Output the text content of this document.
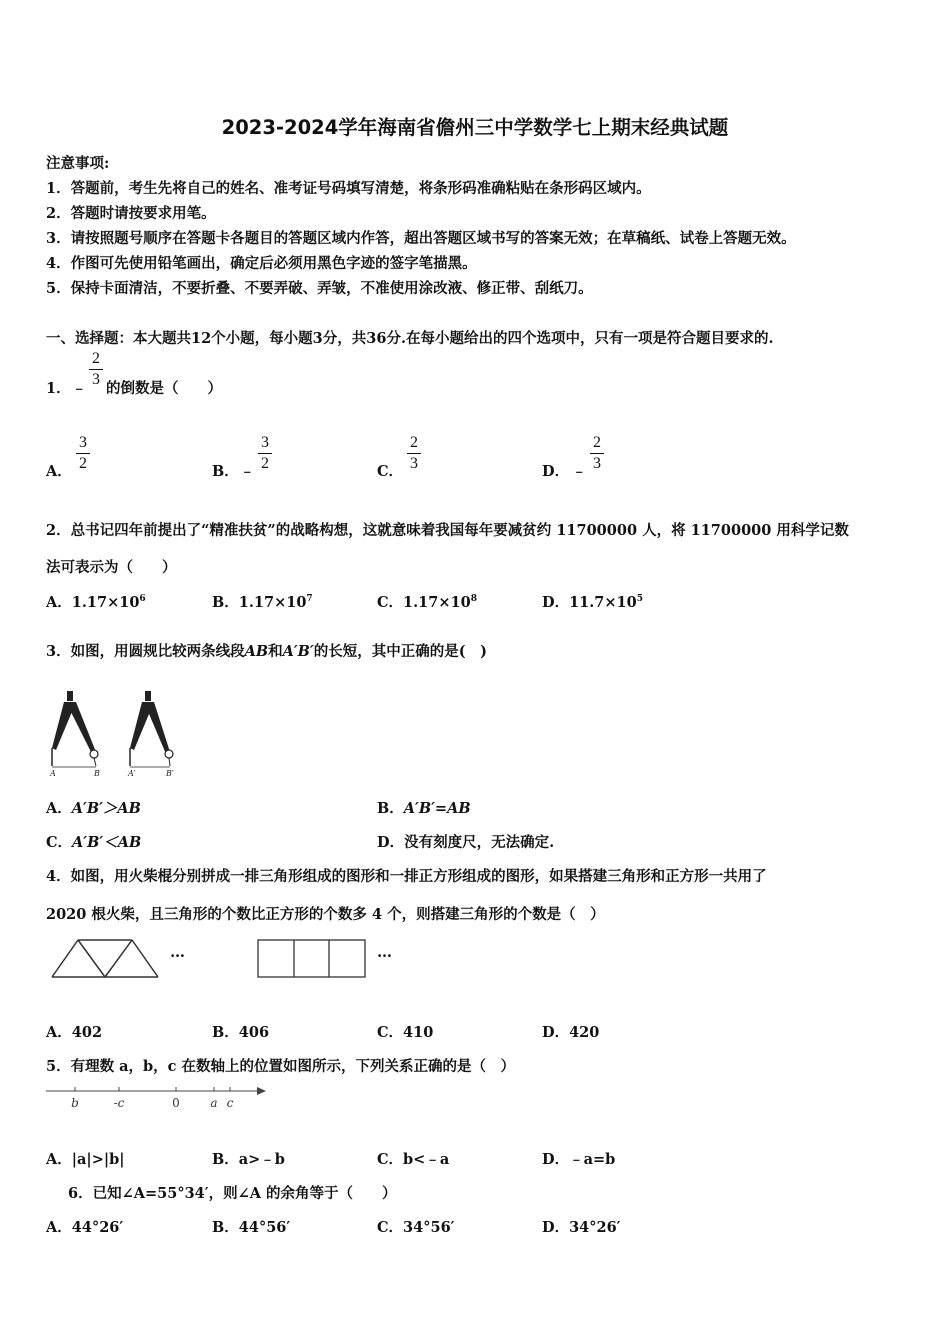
2023-2024学年海南省儋州三中学数学七上期末经典试题
注意事项:
1．答题前，考生先将自己的姓名、准考证号码填写清楚，将条形码准确粘贴在条形码区域内。
2．答题时请按要求用笔。
3．请按照题号顺序在答题卡各题目的答题区域内作答，超出答题区域书写的答案无效；在草稿纸、试卷上答题无效。
4．作图可先使用铅笔画出，确定后必须用黑色字迹的签字笔描黑。
5．保持卡面清洁，不要折叠、不要弄破、弄皱，不准使用涂改液、修正带、刮纸刀。
一、选择题：本大题共12个小题，每小题3分，共36分.在每小题给出的四个选项中，只有一项是符合题目要求的.
1． ﹣
2
3
的倒数是（　　）
A．
3
2	B． ﹣
3
2	C．
2
3	D． ﹣
2
3
2．总书记四年前提出了“精准扶贫”的战略构想，这就意味着我国每年要减贫约 11700000 人，将 11700000 用科学记数
法可表示为（　　）
A．$1.17\times 10^6$	B．$1.17\times 10^7$	C．$1.17\times 10^8$	D．$11.7\times 10^5$
3．如图，用圆规比较两条线段AB和A′B′的长短，其中正确的是(　)
A	B	A′	B′
A．A′B′＞AB	B．A′B′=AB
C．A′B′＜AB	D．没有刻度尺，无法确定.
4．如图，用火柴棍分别拼成一排三角形组成的图形和一排正方形组成的图形，如果搭建三角形和正方形一共用了
2020 根火柴，且三角形的个数比正方形的个数多 4 个，则搭建三角形的个数是（　）
…	…
A．402	B．406	C．410	D．420
5．有理数 a，b，c 在数轴上的位置如图所示，下列关系正确的是（　）
b	-c	0	a c
A．|a|>|b|	B．a>﹣b	C．b<﹣a	D．﹣a=b
6．已知∠A=55°34′，则∠A 的余角等于（　　）
A．44°26′	B．44°56′	C．34°56′	D．34°26′
